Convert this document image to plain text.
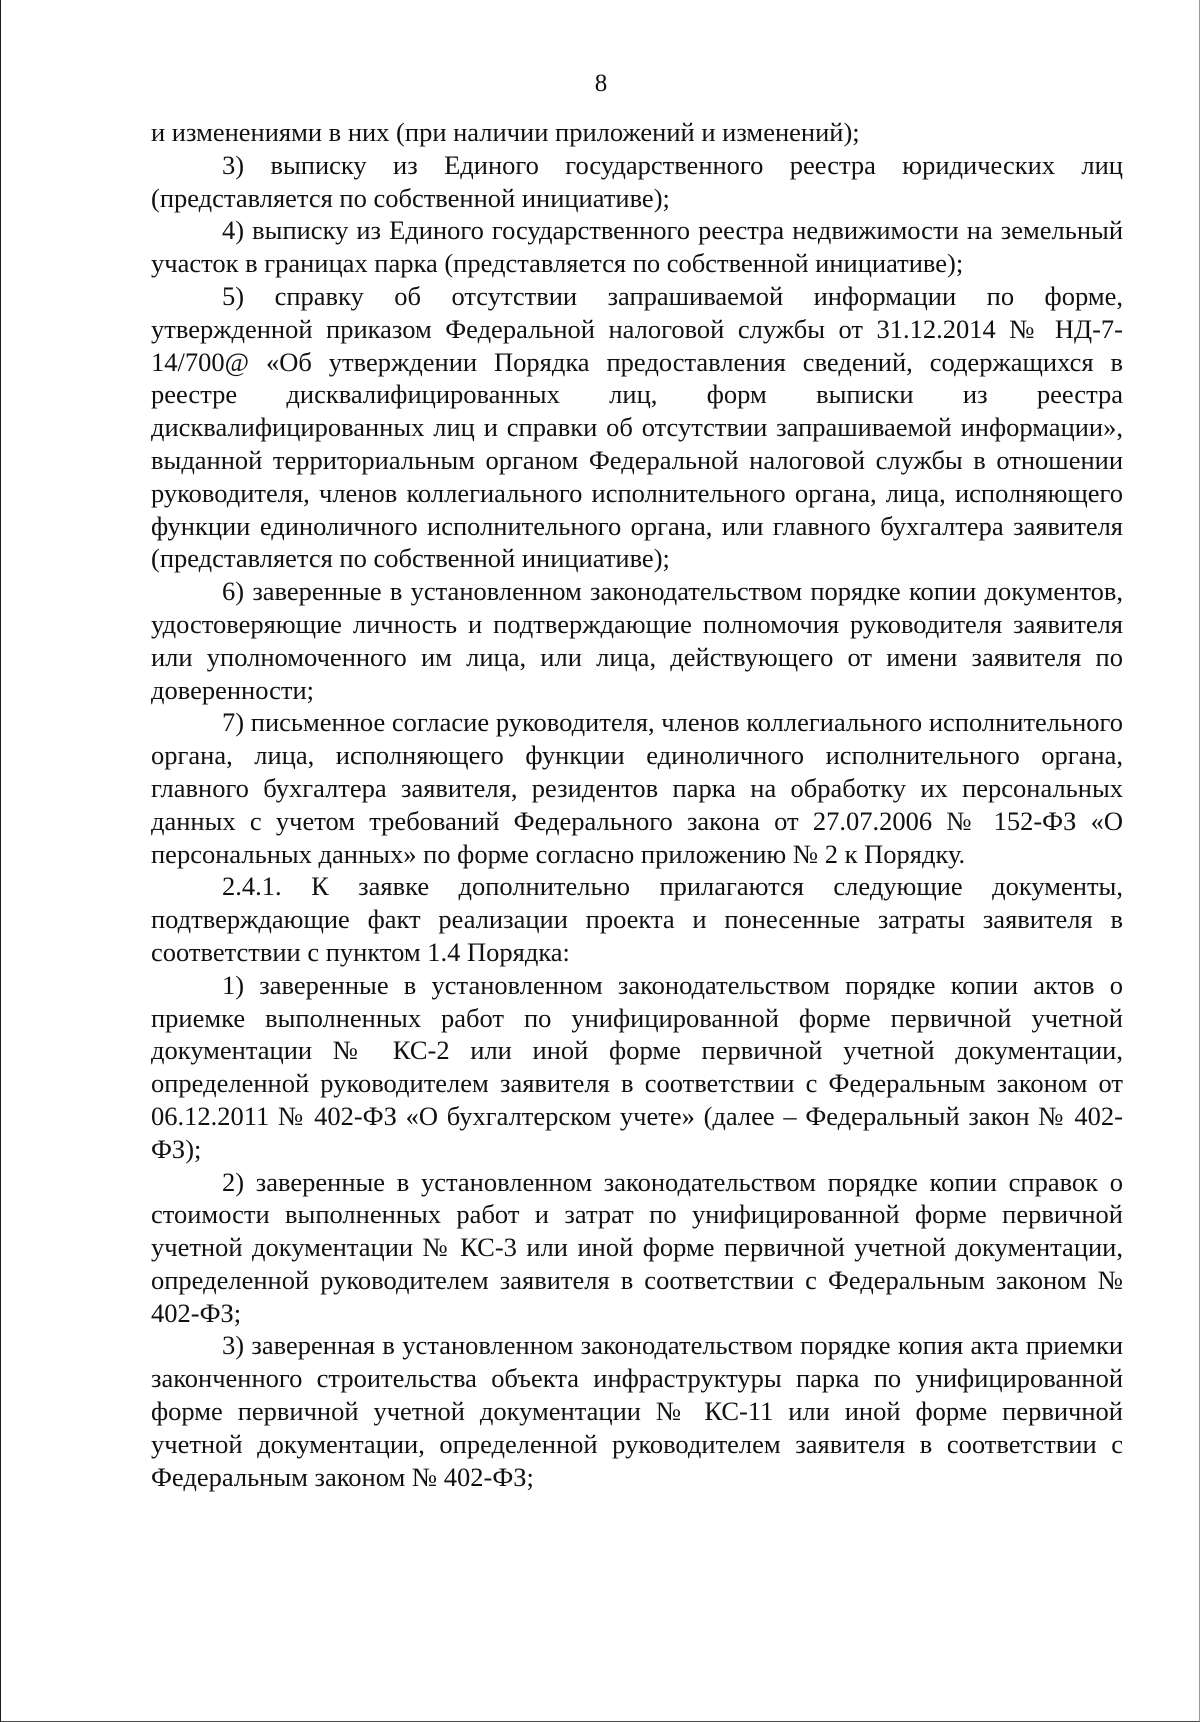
8

и изменениями в них (при наличии приложений и изменений);

3) выписку из Единого государственного реестра юридических лиц (представляется по собственной инициативе);

4) выписку из Единого государственного реестра недвижимости на земельный участок в границах парка (представляется по собственной инициативе);

5) справку об отсутствии запрашиваемой информации по форме, утвержденной приказом Федеральной налоговой службы от 31.12.2014 № НД-7-14/700@ «Об утверждении Порядка предоставления сведений, содержащихся в реестре дисквалифицированных лиц, форм выписки из реестра дисквалифицированных лиц и справки об отсутствии запрашиваемой информации», выданной территориальным органом Федеральной налоговой службы в отношении руководителя, членов коллегиального исполнительного органа, лица, исполняющего функции единоличного исполнительного органа, или главного бухгалтера заявителя (представляется по собственной инициативе);

6) заверенные в установленном законодательством порядке копии документов, удостоверяющие личность и подтверждающие полномочия руководителя заявителя или уполномоченного им лица, или лица, действующего от имени заявителя по доверенности;

7) письменное согласие руководителя, членов коллегиального исполнительного органа, лица, исполняющего функции единоличного исполнительного органа, главного бухгалтера заявителя, резидентов парка на обработку их персональных данных с учетом требований Федерального закона от 27.07.2006 № 152-ФЗ «О персональных данных» по форме согласно приложению № 2 к Порядку.

2.4.1. К заявке дополнительно прилагаются следующие документы, подтверждающие факт реализации проекта и понесенные затраты заявителя в соответствии с пунктом 1.4 Порядка:

1) заверенные в установленном законодательством порядке копии актов о приемке выполненных работ по унифицированной форме первичной учетной документации № КС-2 или иной форме первичной учетной документации, определенной руководителем заявителя в соответствии с Федеральным законом от 06.12.2011 № 402-ФЗ «О бухгалтерском учете» (далее – Федеральный закон № 402-ФЗ);

2) заверенные в установленном законодательством порядке копии справок о стоимости выполненных работ и затрат по унифицированной форме первичной учетной документации № КС-3 или иной форме первичной учетной документации, определенной руководителем заявителя в соответствии с Федеральным законом № 402-ФЗ;

3) заверенная в установленном законодательством порядке копия акта приемки законченного строительства объекта инфраструктуры парка по унифицированной форме первичной учетной документации № КС-11 или иной форме первичной учетной документации, определенной руководителем заявителя в соответствии с Федеральным законом № 402-ФЗ;
